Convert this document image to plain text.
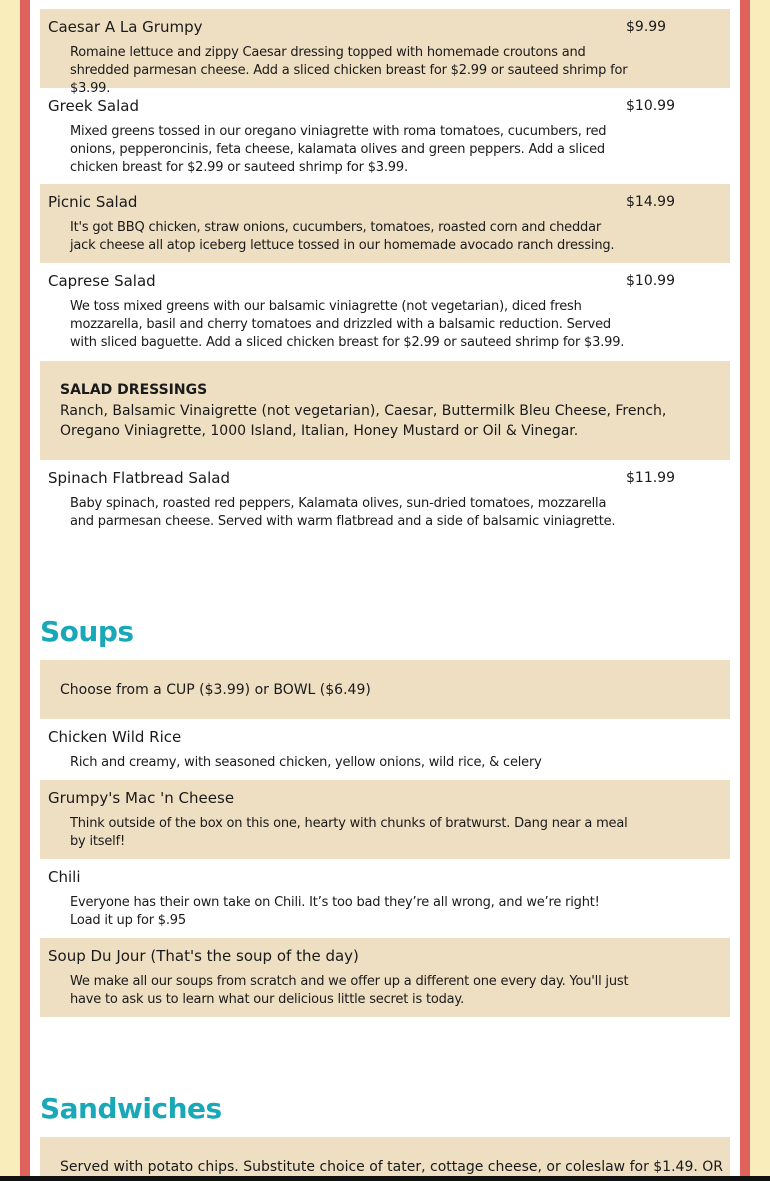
Caesar A La Grumpy	$9.99
Romaine lettuce and zippy Caesar dressing topped with homemade croutons and shredded parmesan cheese. Add a sliced chicken breast for $2.99 or sauteed shrimp for $3.99.
Greek Salad	$10.99
Mixed greens tossed in our oregano viniagrette with roma tomatoes, cucumbers, red onions, pepperoncinis, feta cheese, kalamata olives and green peppers. Add a sliced chicken breast for $2.99 or sauteed shrimp for $3.99.
Picnic Salad	$14.99
It's got BBQ chicken, straw onions, cucumbers, tomatoes, roasted corn and cheddar jack cheese all atop iceberg lettuce tossed in our homemade avocado ranch dressing.
Caprese Salad	$10.99
We toss mixed greens with our balsamic viniagrette (not vegetarian), diced fresh mozzarella, basil and cherry tomatoes and drizzled with a balsamic reduction. Served with sliced baguette. Add a sliced chicken breast for $2.99 or sauteed shrimp for $3.99.
SALAD DRESSINGS
Ranch, Balsamic Vinaigrette (not vegetarian), Caesar, Buttermilk Bleu Cheese, French, Oregano Viniagrette, 1000 Island, Italian, Honey Mustard or Oil & Vinegar.
Spinach Flatbread Salad	$11.99
Baby spinach, roasted red peppers, Kalamata olives, sun-dried tomatoes, mozzarella and parmesan cheese. Served with warm flatbread and a side of balsamic viniagrette.
Soups
Choose from a CUP ($3.99) or BOWL ($6.49)
Chicken Wild Rice
Rich and creamy, with seasoned chicken, yellow onions, wild rice, & celery
Grumpy's Mac 'n Cheese
Think outside of the box on this one, hearty with chunks of bratwurst. Dang near a meal by itself!
Chili
Everyone has their own take on Chili. It’s too bad they’re all wrong, and we’re right! Load it up for $.95
Soup Du Jour (That's the soup of the day)
We make all our soups from scratch and we offer up a different one every day. You'll just have to ask us to learn what our delicious little secret is today.
Sandwiches
Served with potato chips. Substitute choice of tater, cottage cheese, or coleslaw for $1.49. OR
